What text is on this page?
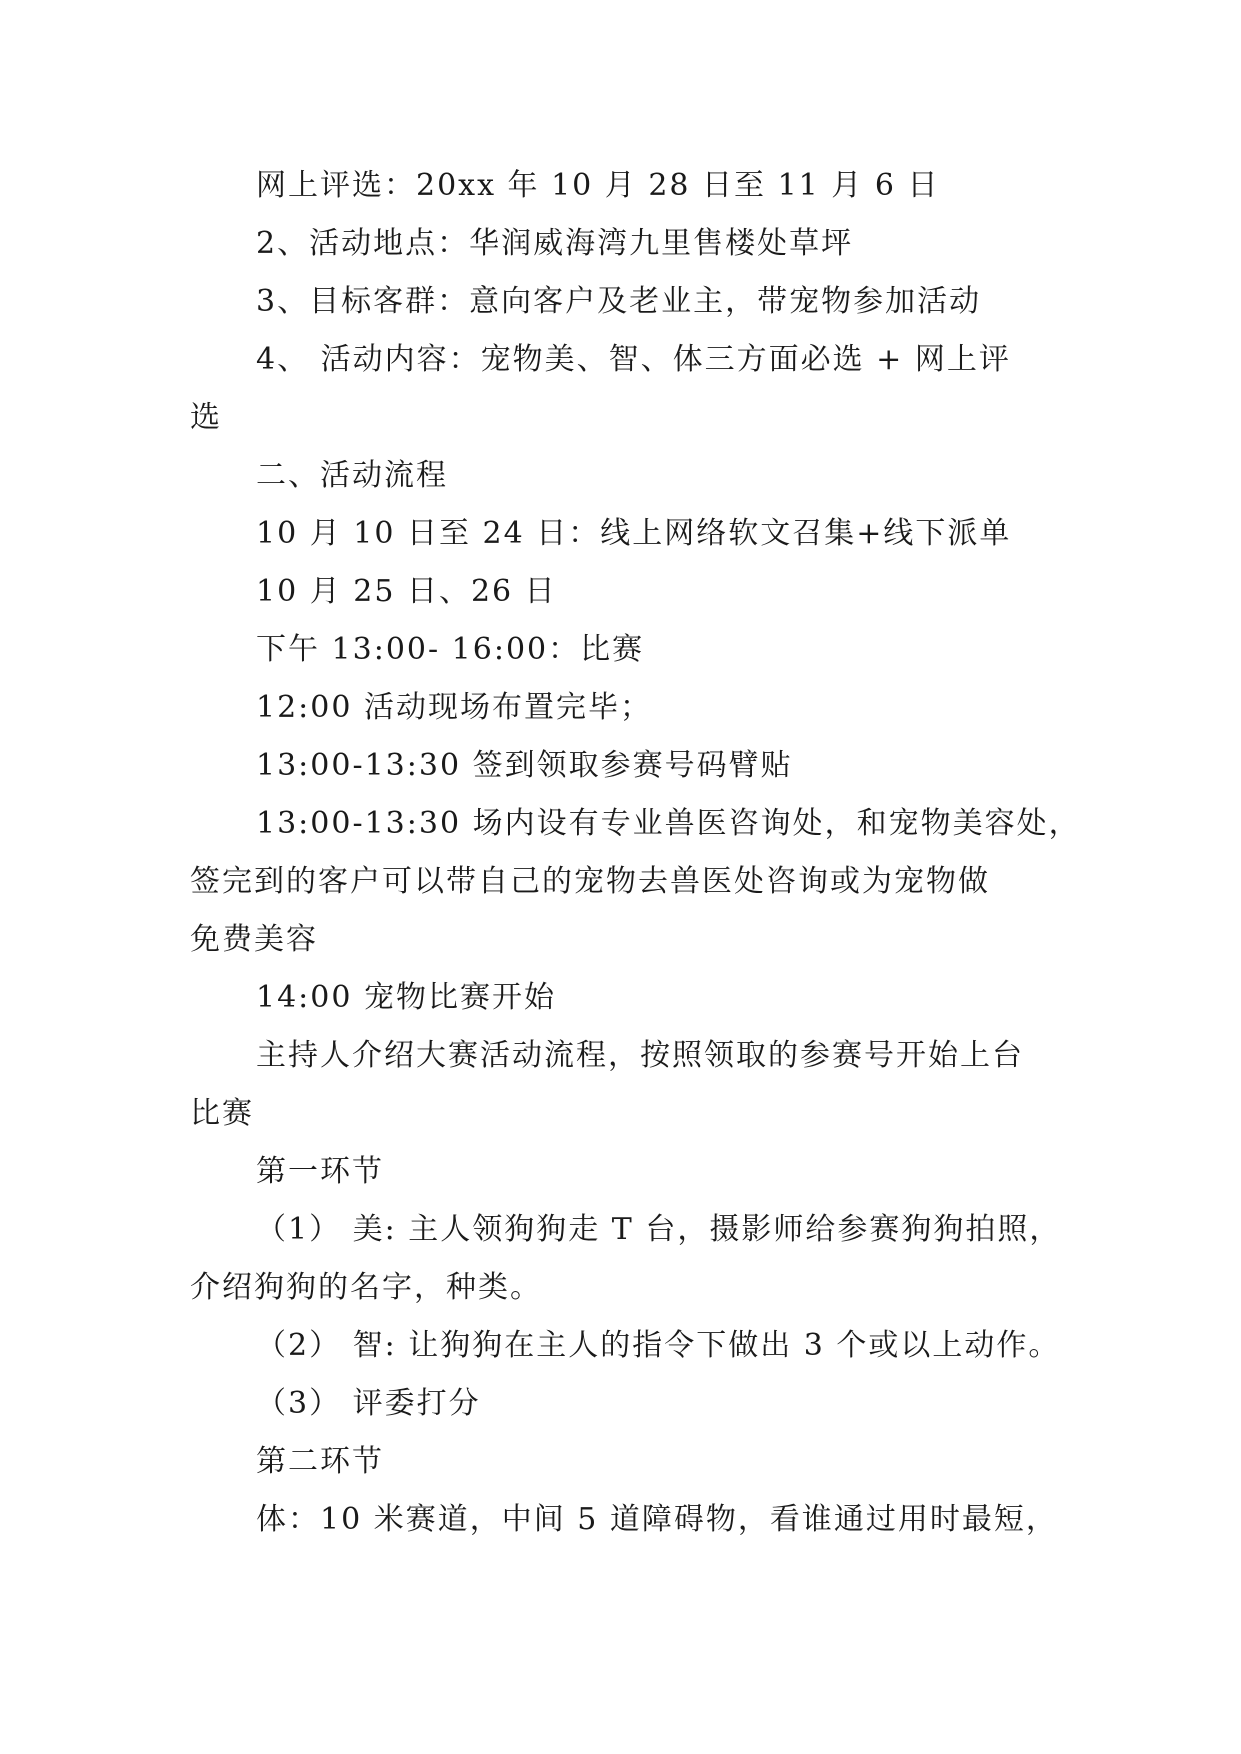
网上评选：20xx 年 10 月 28 日至 11 月 6 日
2、活动地点：华润威海湾九里售楼处草坪
3、目标客群：意向客户及老业主，带宠物参加活动
4、 活动内容：宠物美、智、体三方面必选 + 网上评
选
二、活动流程
10 月 10 日至 24 日：线上网络软文召集+线下派单
10 月 25 日、26 日
下午 13:00- 16:00：比赛
12:00 活动现场布置完毕；
13:00-13:30 签到领取参赛号码臂贴
13:00-13:30 场内设有专业兽医咨询处，和宠物美容处，
签完到的客户可以带自己的宠物去兽医处咨询或为宠物做
免费美容
14:00 宠物比赛开始
主持人介绍大赛活动流程，按照领取的参赛号开始上台
比赛
第一环节
（1） 美: 主人领狗狗走 T 台，摄影师给参赛狗狗拍照，
介绍狗狗的名字，种类。
（2） 智: 让狗狗在主人的指令下做出 3 个或以上动作。
（3） 评委打分
第二环节
体：10 米赛道，中间 5 道障碍物，看谁通过用时最短，
